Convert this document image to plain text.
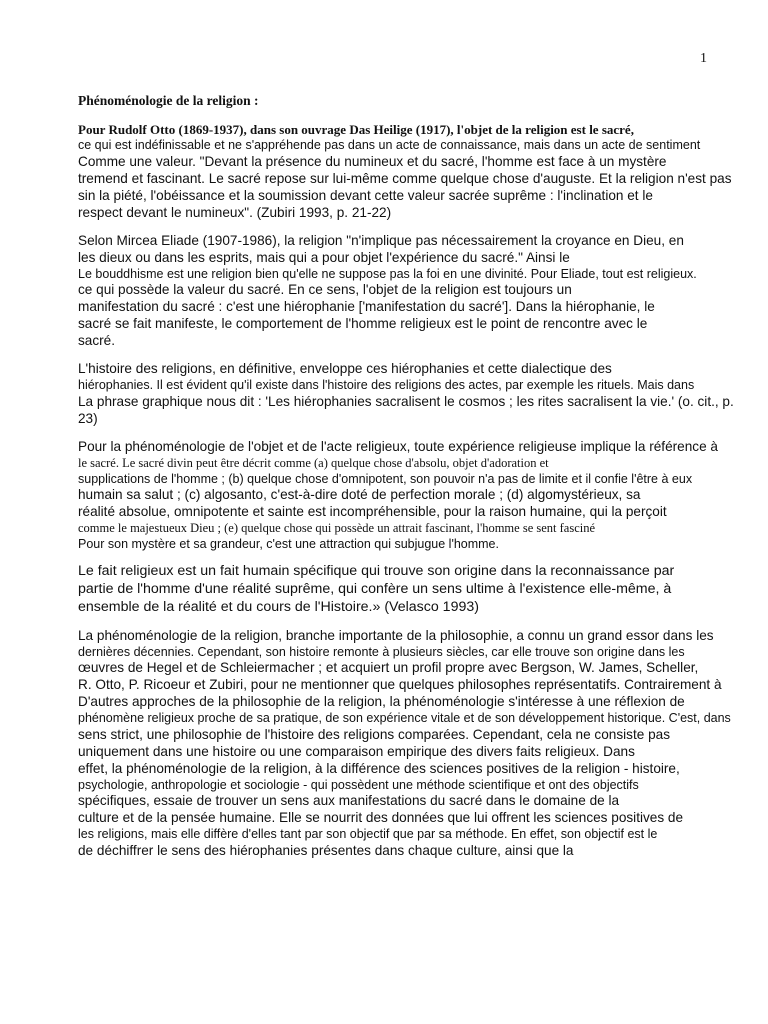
1
Phénoménologie de la religion :
Pour Rudolf Otto (1869-1937), dans son ouvrage Das Heilige (1917), l'objet de la religion est le sacré,
ce qui est indéfinissable et ne s'appréhende pas dans un acte de connaissance, mais dans un acte de sentiment
Comme une valeur. "Devant la présence du numineux et du sacré, l'homme est face à un mystère
tremend et fascinant. Le sacré repose sur lui-même comme quelque chose d'auguste. Et la religion n'est pas
sin la piété, l'obéissance et la soumission devant cette valeur sacrée suprême : l'inclination et le
respect devant le numineux". (Zubiri 1993, p. 21-22)
Selon Mircea Eliade (1907-1986), la religion "n'implique pas nécessairement la croyance en Dieu, en
les dieux ou dans les esprits, mais qui a pour objet l'expérience du sacré." Ainsi le
Le bouddhisme est une religion bien qu'elle ne suppose pas la foi en une divinité. Pour Eliade, tout est religieux.
ce qui possède la valeur du sacré. En ce sens, l'objet de la religion est toujours un
manifestation du sacré : c'est une hiérophanie ['manifestation du sacré']. Dans la hiérophanie, le
sacré se fait manifeste, le comportement de l'homme religieux est le point de rencontre avec le
sacré.
L'histoire des religions, en définitive, enveloppe ces hiérophanies et cette dialectique des
hiérophanies. Il est évident qu'il existe dans l'histoire des religions des actes, par exemple les rituels. Mais dans
La phrase graphique nous dit : 'Les hiérophanies sacralisent le cosmos ; les rites sacralisent la vie.' (o. cit., p.
23)
Pour la phénoménologie de l'objet et de l'acte religieux, toute expérience religieuse implique la référence à
le sacré. Le sacré divin peut être décrit comme (a) quelque chose d'absolu, objet d'adoration et
supplications de l'homme ; (b) quelque chose d'omnipotent, son pouvoir n'a pas de limite et il confie l'être à eux
humain sa salut ; (c) algosanto, c'est-à-dire doté de perfection morale ; (d) algomystérieux, sa
réalité absolue, omnipotente et sainte est incompréhensible, pour la raison humaine, qui la perçoit
comme le majestueux Dieu ; (e) quelque chose qui possède un attrait fascinant, l'homme se sent fasciné
Pour son mystère et sa grandeur, c'est une attraction qui subjugue l'homme.
Le fait religieux est un fait humain spécifique qui trouve son origine dans la reconnaissance par
partie de l'homme d'une réalité suprême, qui confère un sens ultime à l'existence elle-même, à
ensemble de la réalité et du cours de l'Histoire.» (Velasco 1993)
La phénoménologie de la religion, branche importante de la philosophie, a connu un grand essor dans les
dernières décennies. Cependant, son histoire remonte à plusieurs siècles, car elle trouve son origine dans les
œuvres de Hegel et de Schleiermacher ; et acquiert un profil propre avec Bergson, W. James, Scheller,
R. Otto, P. Ricoeur et Zubiri, pour ne mentionner que quelques philosophes représentatifs. Contrairement à
D'autres approches de la philosophie de la religion, la phénoménologie s'intéresse à une réflexion de
phénomène religieux proche de sa pratique, de son expérience vitale et de son développement historique. C'est, dans
sens strict, une philosophie de l'histoire des religions comparées. Cependant, cela ne consiste pas
uniquement dans une histoire ou une comparaison empirique des divers faits religieux. Dans
effet, la phénoménologie de la religion, à la différence des sciences positives de la religion - histoire,
psychologie, anthropologie et sociologie - qui possèdent une méthode scientifique et ont des objectifs
spécifiques, essaie de trouver un sens aux manifestations du sacré dans le domaine de la
culture et de la pensée humaine. Elle se nourrit des données que lui offrent les sciences positives de
les religions, mais elle diffère d'elles tant par son objectif que par sa méthode. En effet, son objectif est le
de déchiffrer le sens des hiérophanies présentes dans chaque culture, ainsi que la
